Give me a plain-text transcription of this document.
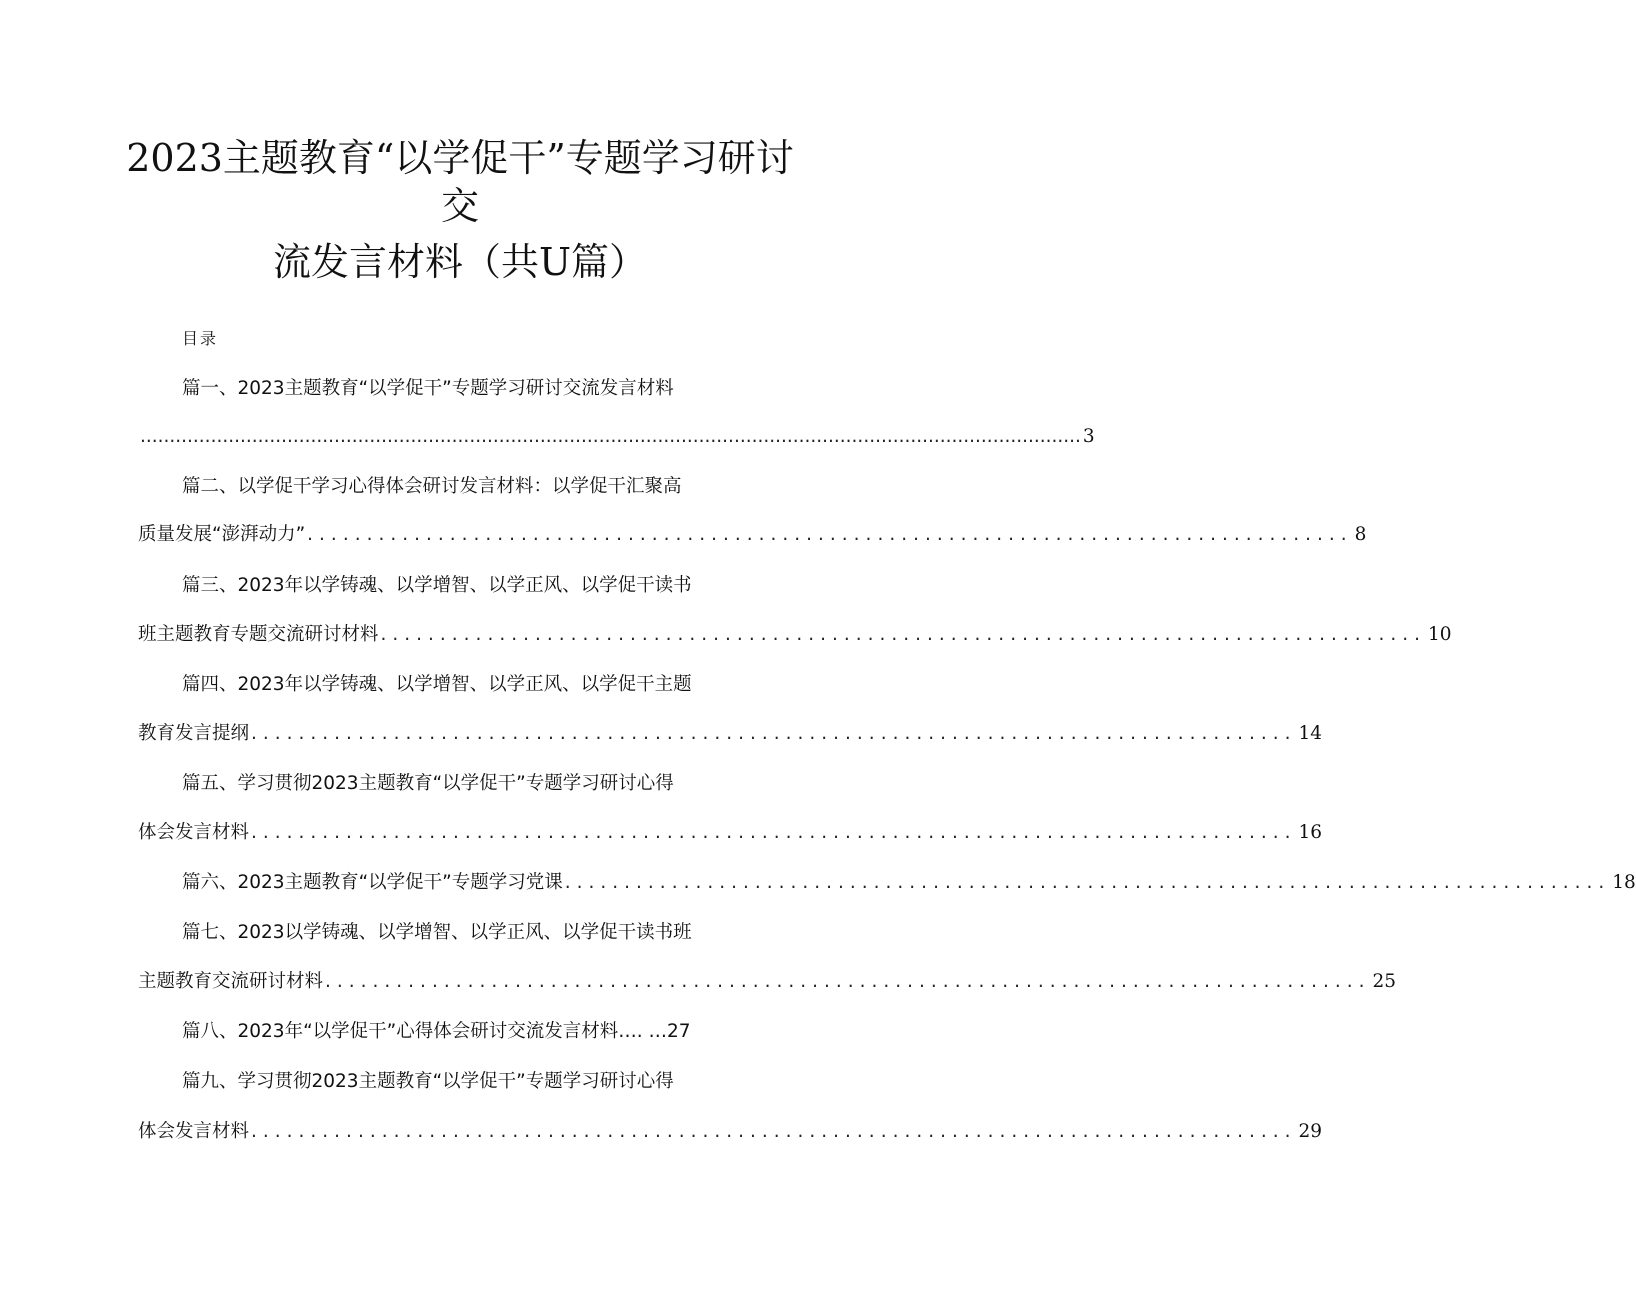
2023主题教育“以学促干”专题学习研讨
交
流发言材料（共U篇）
目录
篇一、2023主题教育“以学促干”专题学习研讨交流发言材料
................................................................................................................................................................ 3
篇二、以学促干学习心得体会研讨发言材料：以学促干汇聚高
质量发展“澎湃动力” ........................................................................................ 8
篇三、2023年以学铸魂、以学增智、以学正风、以学促干读书
班主题教育专题交流研讨材料 ........................................................................................ 10
篇四、2023年以学铸魂、以学增智、以学正风、以学促干主题
教育发言提纲 ........................................................................................ 14
篇五、学习贯彻2023主题教育“以学促干”专题学习研讨心得
体会发言材料 ........................................................................................ 16
篇六、2023主题教育“以学促干”专题学习党课 ........................................................................................ 18
篇七、2023以学铸魂、以学增智、以学正风、以学促干读书班
主题教育交流研讨材料 ........................................................................................ 25
篇八、2023年“以学促干”心得体会研讨交流发言材料…. …27
篇九、学习贯彻2023主题教育“以学促干”专题学习研讨心得
体会发言材料 ........................................................................................ 29
